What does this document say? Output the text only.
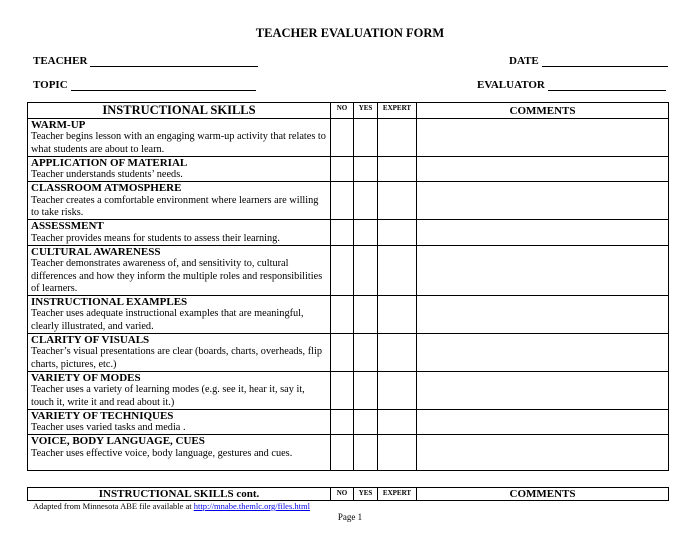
TEACHER EVALUATION FORM
TEACHER	DATE
TOPIC	EVALUATOR
INSTRUCTIONAL SKILLS	NO	YES	EXPERT	COMMENTS

WARM-UP
Teacher begins lesson with an engaging warm-up activity that relates to what students are about to learn.				

APPLICATION OF MATERIAL
Teacher understands students’ needs.				

CLASSROOM ATMOSPHERE
Teacher creates a comfortable environment where learners are willing to take risks.				

ASSESSMENT
Teacher provides means for students to assess their learning.				

CULTURAL AWARENESS
Teacher demonstrates awareness of, and sensitivity to, cultural differences and how they inform the multiple roles and responsibilities of learners.				

INSTRUCTIONAL EXAMPLES
Teacher uses adequate instructional examples that are meaningful, clearly illustrated, and varied.				

CLARITY OF VISUALS
Teacher’s visual presentations are clear (boards, charts, overheads, flip charts, pictures, etc.)				

VARIETY OF MODES
Teacher uses a variety of learning modes (e.g. see it, hear it, say it, touch it, write it and read about it.)				

VARIETY OF TECHNIQUES
Teacher uses varied tasks and media .				

VOICE, BODY LANGUAGE, CUES
Teacher uses effective voice, body language, gestures and cues.				

INSTRUCTIONAL SKILLS cont.	NO	YES	EXPERT	COMMENTS
Adapted from Minnesota ABE file available at http://mnabe.themlc.org/files.html
Page 1
